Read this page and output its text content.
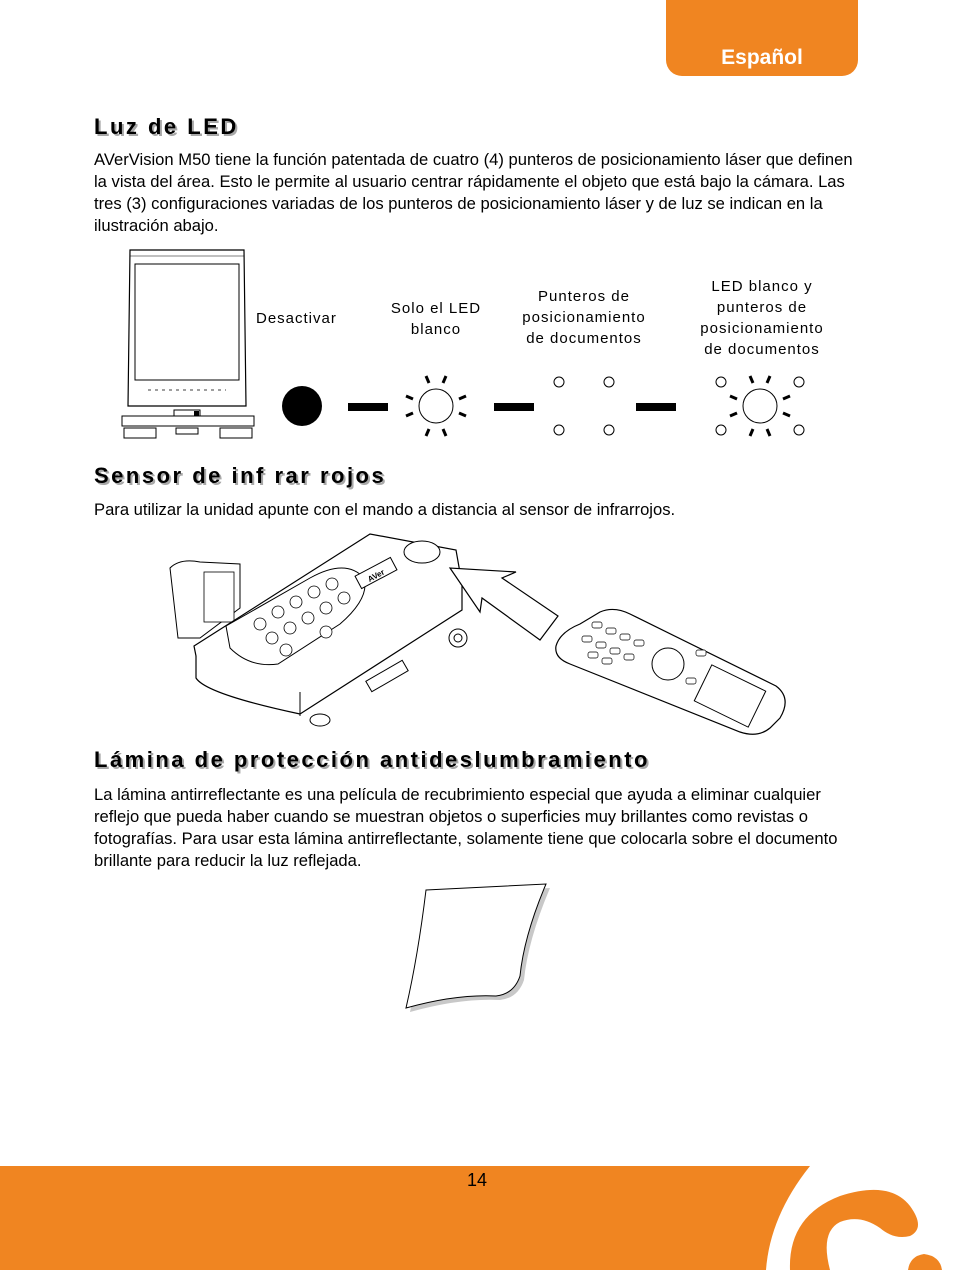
Español
Luz de LED

AVerVision M50 tiene la función patentada de cuatro (4) punteros de posicionamiento láser que definen la vista del área. Esto le permite al usuario centrar rápidamente el objeto que está bajo la cámara. Las tres (3) configuraciones variadas de los punteros de posicionamiento láser y de luz se indican en la ilustración abajo.

Desactivar
Solo el LED
blanco
Punteros de
posicionamiento
de documentos
LED blanco y
punteros de
posicionamiento
de documentos
Sensor de inf rar rojos

Para utilizar la unidad apunte con el mando a distancia al sensor de infrarrojos.

AVer
Lámina de protección antideslumbramiento

La lámina antirreflectante es una película de recubrimiento especial que ayuda a eliminar cualquier reflejo que pueda haber cuando se muestran objetos o superficies muy brillantes como revistas o fotografías. Para usar esta lámina antirreflectante, solamente tiene que colocarla sobre el documento brillante para reducir la luz reflejada.

14
